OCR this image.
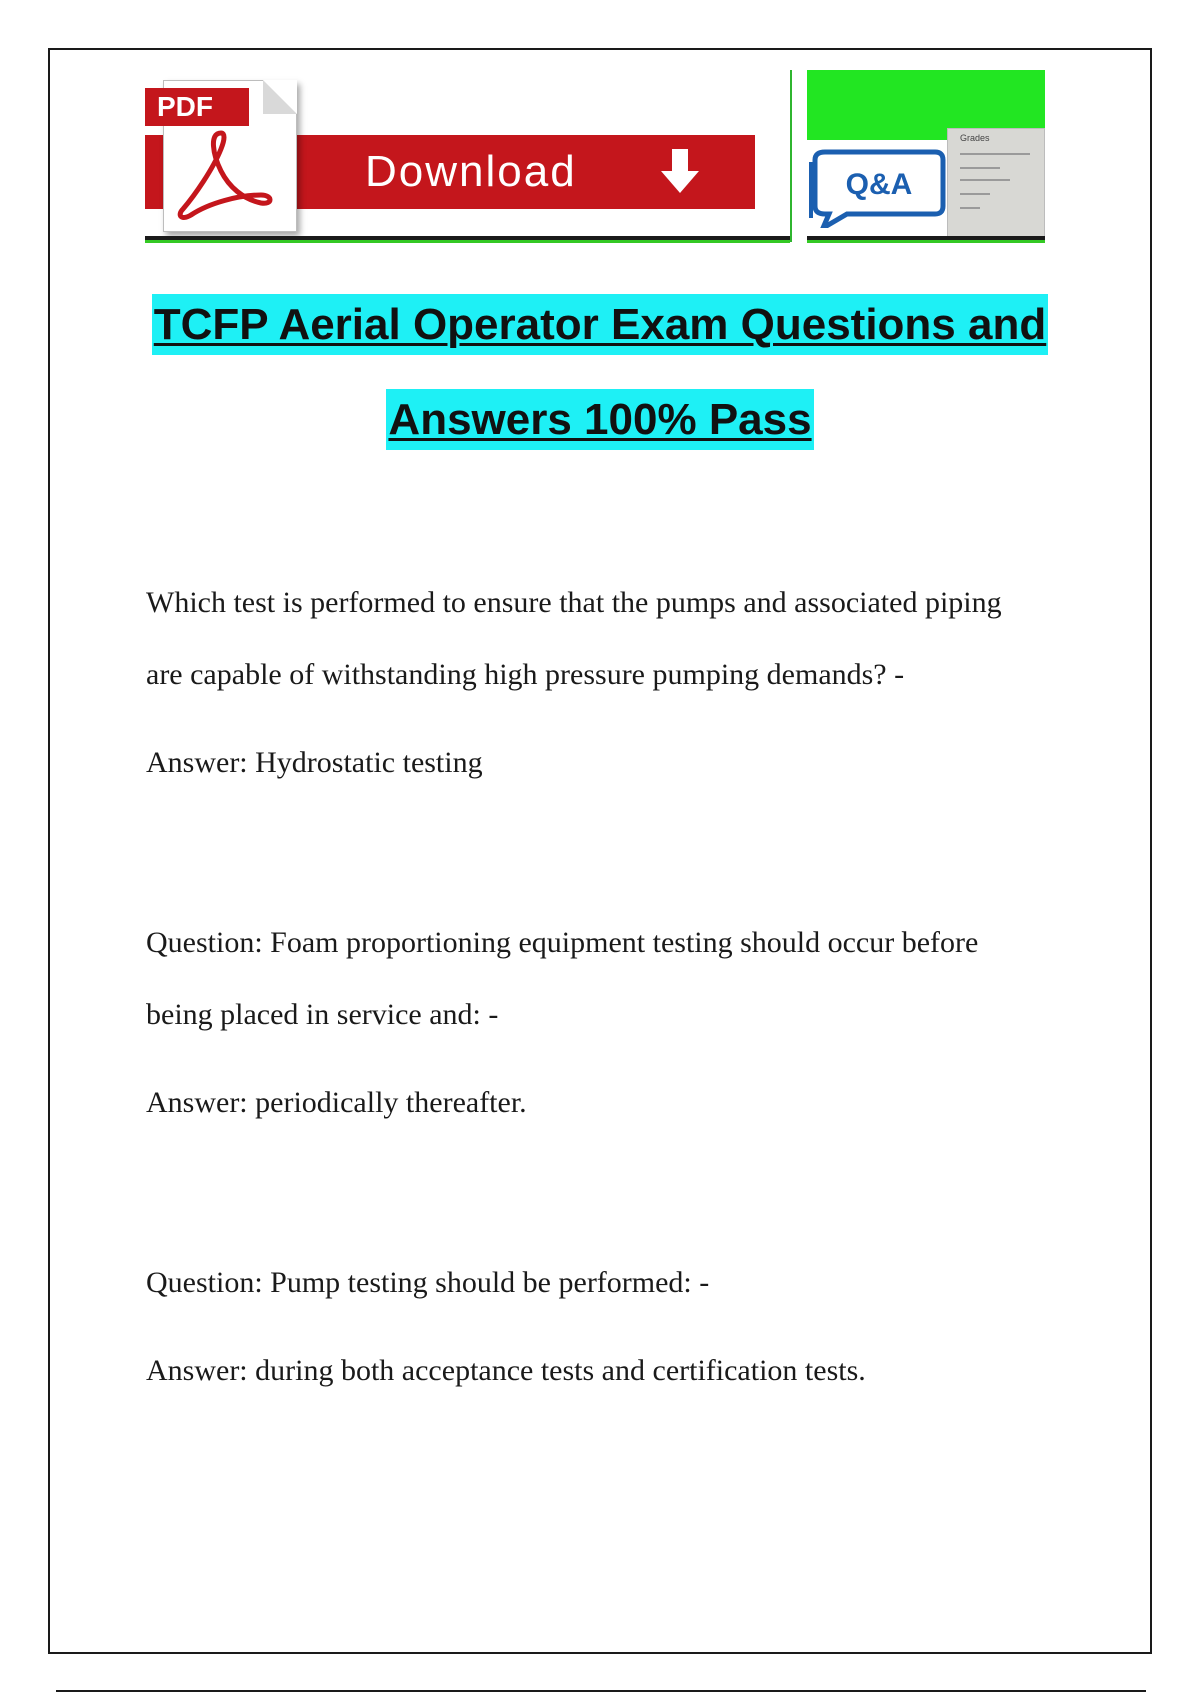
Download
PDF
Q&A
Grades
TCFP Aerial Operator Exam Questions and
Answers 100% Pass
Which test is performed to ensure that the pumps and associated piping
are capable of withstanding high pressure pumping demands? -
Answer: Hydrostatic testing
Question: Foam proportioning equipment testing should occur before
being placed in service and: -
Answer: periodically thereafter.
Question: Pump testing should be performed: -
Answer: during both acceptance tests and certification tests.
